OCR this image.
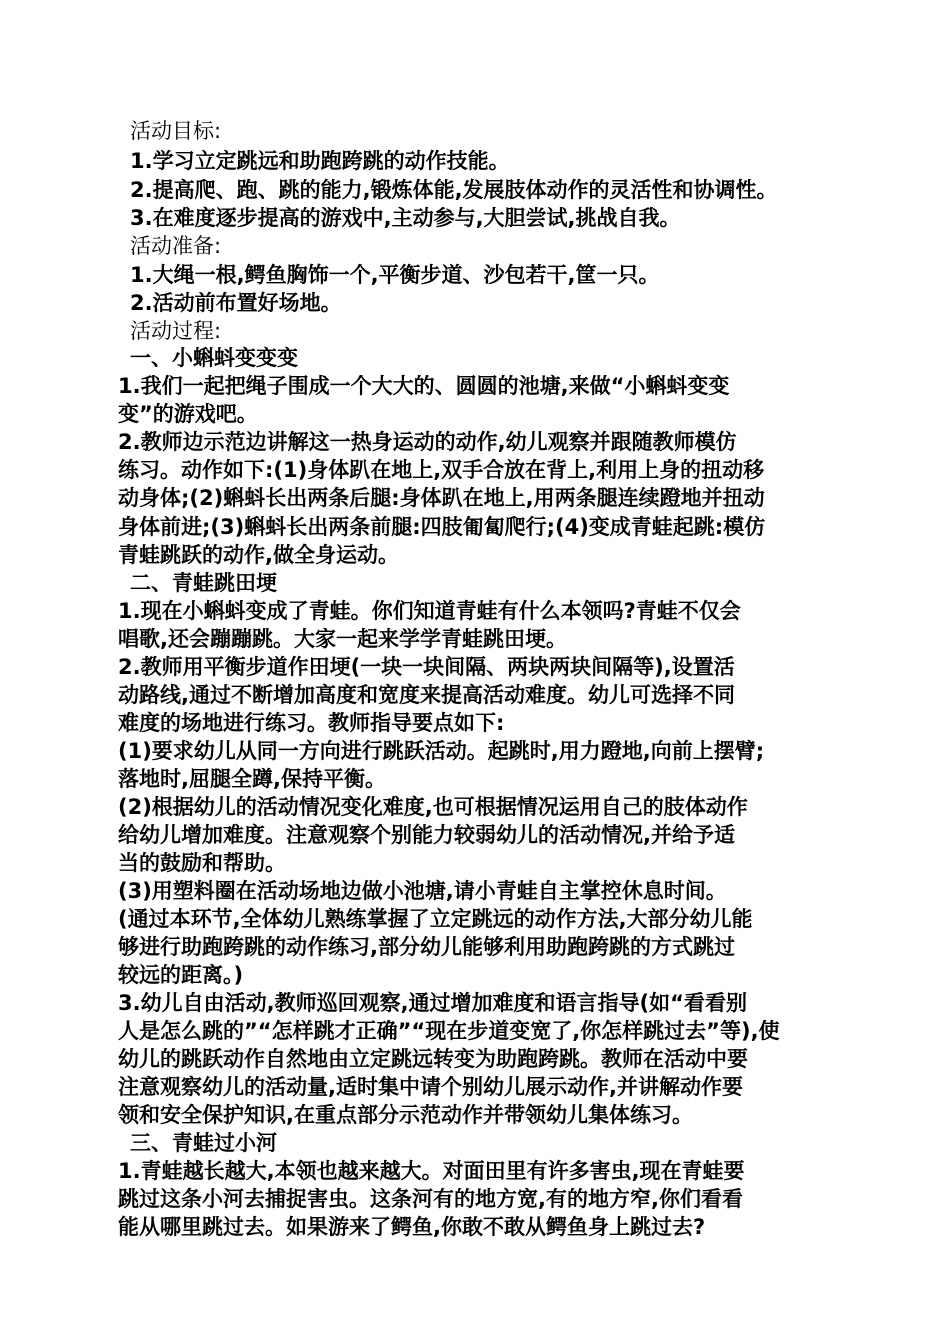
活动目标:
1.学习立定跳远和助跑跨跳的动作技能。
2.提高爬、跑、跳的能力,锻炼体能,发展肢体动作的灵活性和协调性。
3.在难度逐步提高的游戏中,主动参与,大胆尝试,挑战自我。
活动准备:
1.大绳一根,鳄鱼胸饰一个,平衡步道、沙包若干,筐一只。
2.活动前布置好场地。
活动过程:
一、小蝌蚪变变变
1.我们一起把绳子围成一个大大的、圆圆的池塘,来做“小蝌蚪变变
变”的游戏吧。
2.教师边示范边讲解这一热身运动的动作,幼儿观察并跟随教师模仿
练习。动作如下:(1)身体趴在地上,双手合放在背上,利用上身的扭动移
动身体;(2)蝌蚪长出两条后腿:身体趴在地上,用两条腿连续蹬地并扭动
身体前进;(3)蝌蚪长出两条前腿:四肢匍匐爬行;(4)变成青蛙起跳:模仿
青蛙跳跃的动作,做全身运动。
二、青蛙跳田埂
1.现在小蝌蚪变成了青蛙。你们知道青蛙有什么本领吗?青蛙不仅会
唱歌,还会蹦蹦跳。大家一起来学学青蛙跳田埂。
2.教师用平衡步道作田埂(一块一块间隔、两块两块间隔等),设置活
动路线,通过不断增加高度和宽度来提高活动难度。幼儿可选择不同
难度的场地进行练习。教师指导要点如下:
(1)要求幼儿从同一方向进行跳跃活动。起跳时,用力蹬地,向前上摆臂;
落地时,屈腿全蹲,保持平衡。
(2)根据幼儿的活动情况变化难度,也可根据情况运用自己的肢体动作
给幼儿增加难度。注意观察个别能力较弱幼儿的活动情况,并给予适
当的鼓励和帮助。
(3)用塑料圈在活动场地边做小池塘,请小青蛙自主掌控休息时间。
(通过本环节,全体幼儿熟练掌握了立定跳远的动作方法,大部分幼儿能
够进行助跑跨跳的动作练习,部分幼儿能够利用助跑跨跳的方式跳过
较远的距离。)
3.幼儿自由活动,教师巡回观察,通过增加难度和语言指导(如“看看别
人是怎么跳的”“怎样跳才正确”“现在步道变宽了,你怎样跳过去”等),使
幼儿的跳跃动作自然地由立定跳远转变为助跑跨跳。教师在活动中要
注意观察幼儿的活动量,适时集中请个别幼儿展示动作,并讲解动作要
领和安全保护知识,在重点部分示范动作并带领幼儿集体练习。
三、青蛙过小河
1.青蛙越长越大,本领也越来越大。对面田里有许多害虫,现在青蛙要
跳过这条小河去捕捉害虫。这条河有的地方宽,有的地方窄,你们看看
能从哪里跳过去。如果游来了鳄鱼,你敢不敢从鳄鱼身上跳过去?
